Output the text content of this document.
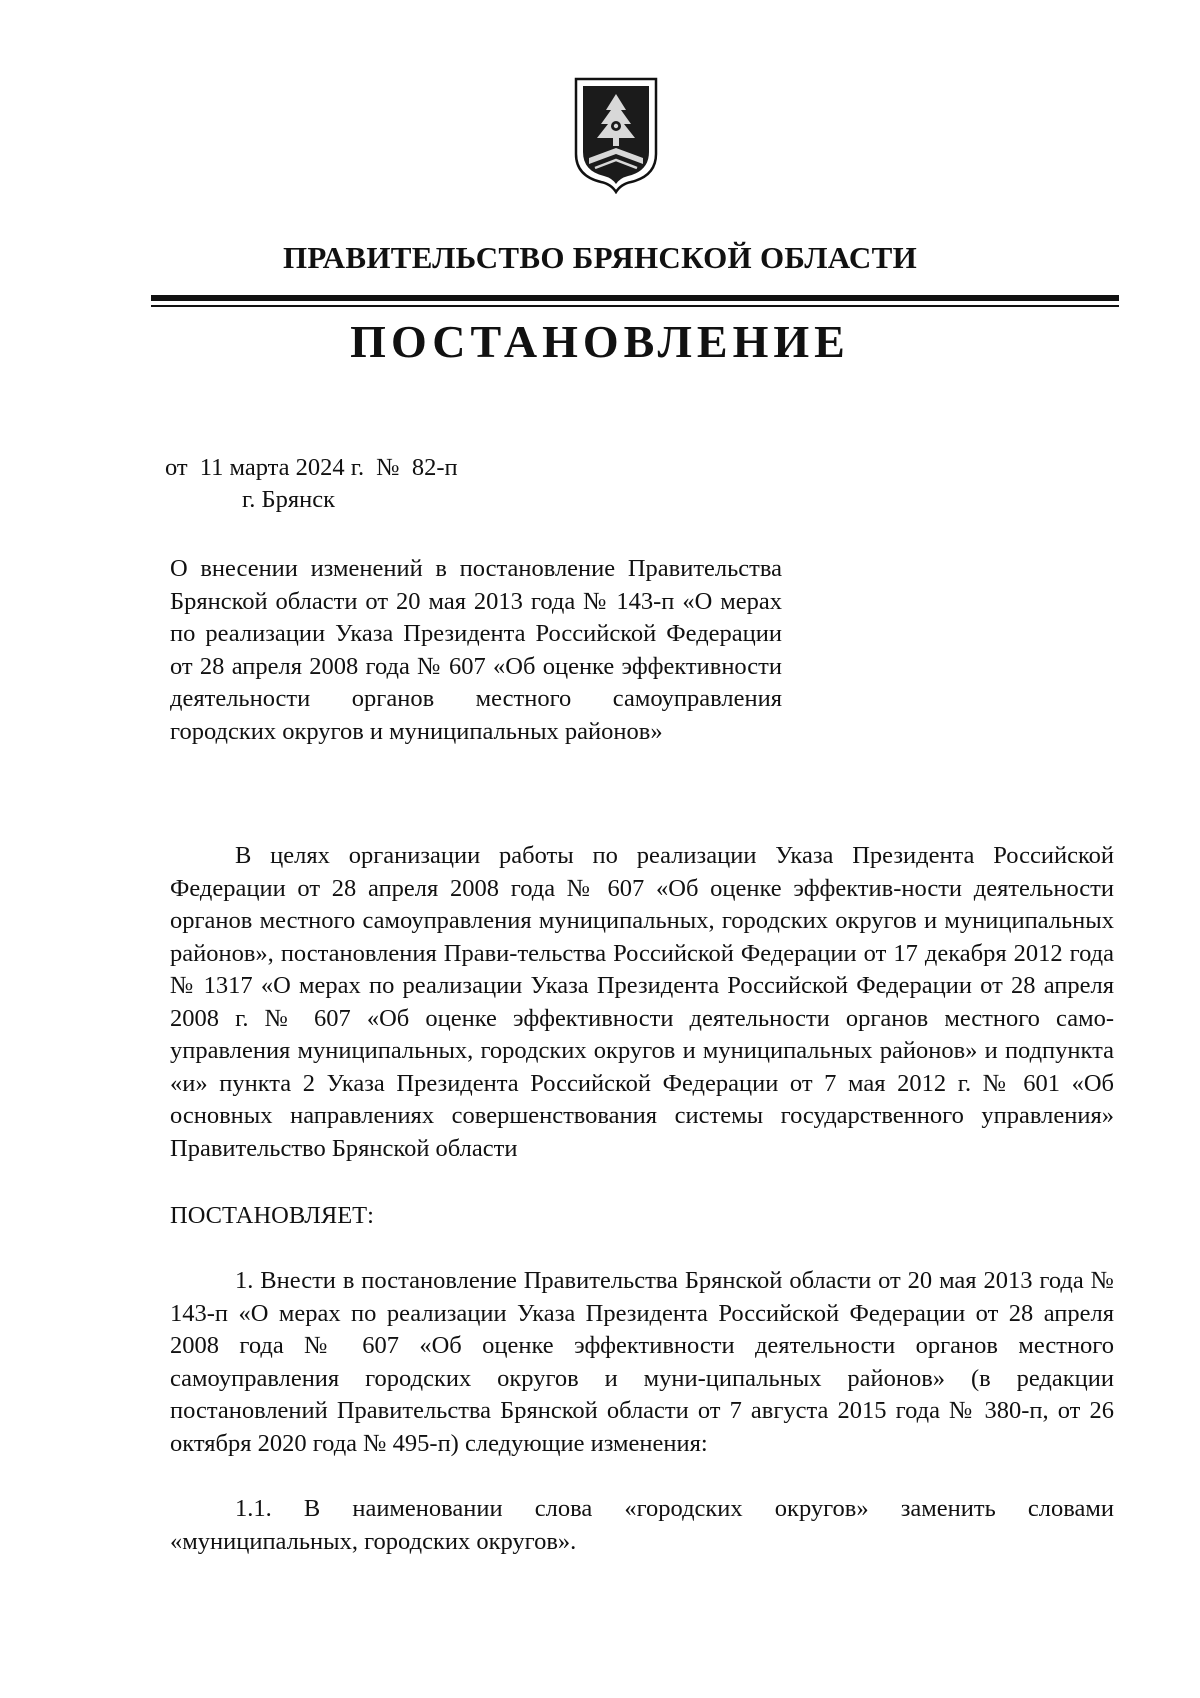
ПРАВИТЕЛЬСТВО БРЯНСКОЙ ОБЛАСТИ
ПОСТАНОВЛЕНИЕ
от 11 марта 2024 г. № 82-п
г. Брянск
О внесении изменений в постановление Правительства Брянской области от 20 мая 2013 года № 143-п «О мерах по реализации Указа Президента Российской Федерации от 28 апреля 2008 года № 607 «Об оценке эффективности деятельности органов местного самоуправления городских округов и муниципальных районов»

В целях организации работы по реализации Указа Президента Российской Федерации от 28 апреля 2008 года № 607 «Об оценке эффектив-ности деятельности органов местного самоуправления муниципальных, городских округов и муниципальных районов», постановления Прави-тельства Российской Федерации от 17 декабря 2012 года № 1317 «О мерах по реализации Указа Президента Российской Федерации от 28 апреля 2008 г. № 607 «Об оценке эффективности деятельности органов местного само-управления муниципальных, городских округов и муниципальных районов» и подпункта «и» пункта 2 Указа Президента Российской Федерации от 7 мая 2012 г. № 601 «Об основных направлениях совершенствования системы государственного управления» Правительство Брянской области

ПОСТАНОВЛЯЕТ:

1. Внести в постановление Правительства Брянской области от 20 мая 2013 года № 143-п «О мерах по реализации Указа Президента Российской Федерации от 28 апреля 2008 года № 607 «Об оценке эффективности деятельности органов местного самоуправления городских округов и муни-ципальных районов» (в редакции постановлений Правительства Брянской области от 7 августа 2015 года № 380-п, от 26 октября 2020 года № 495-п) следующие изменения:

1.1. В наименовании слова «городских округов» заменить словами «муниципальных, городских округов».
